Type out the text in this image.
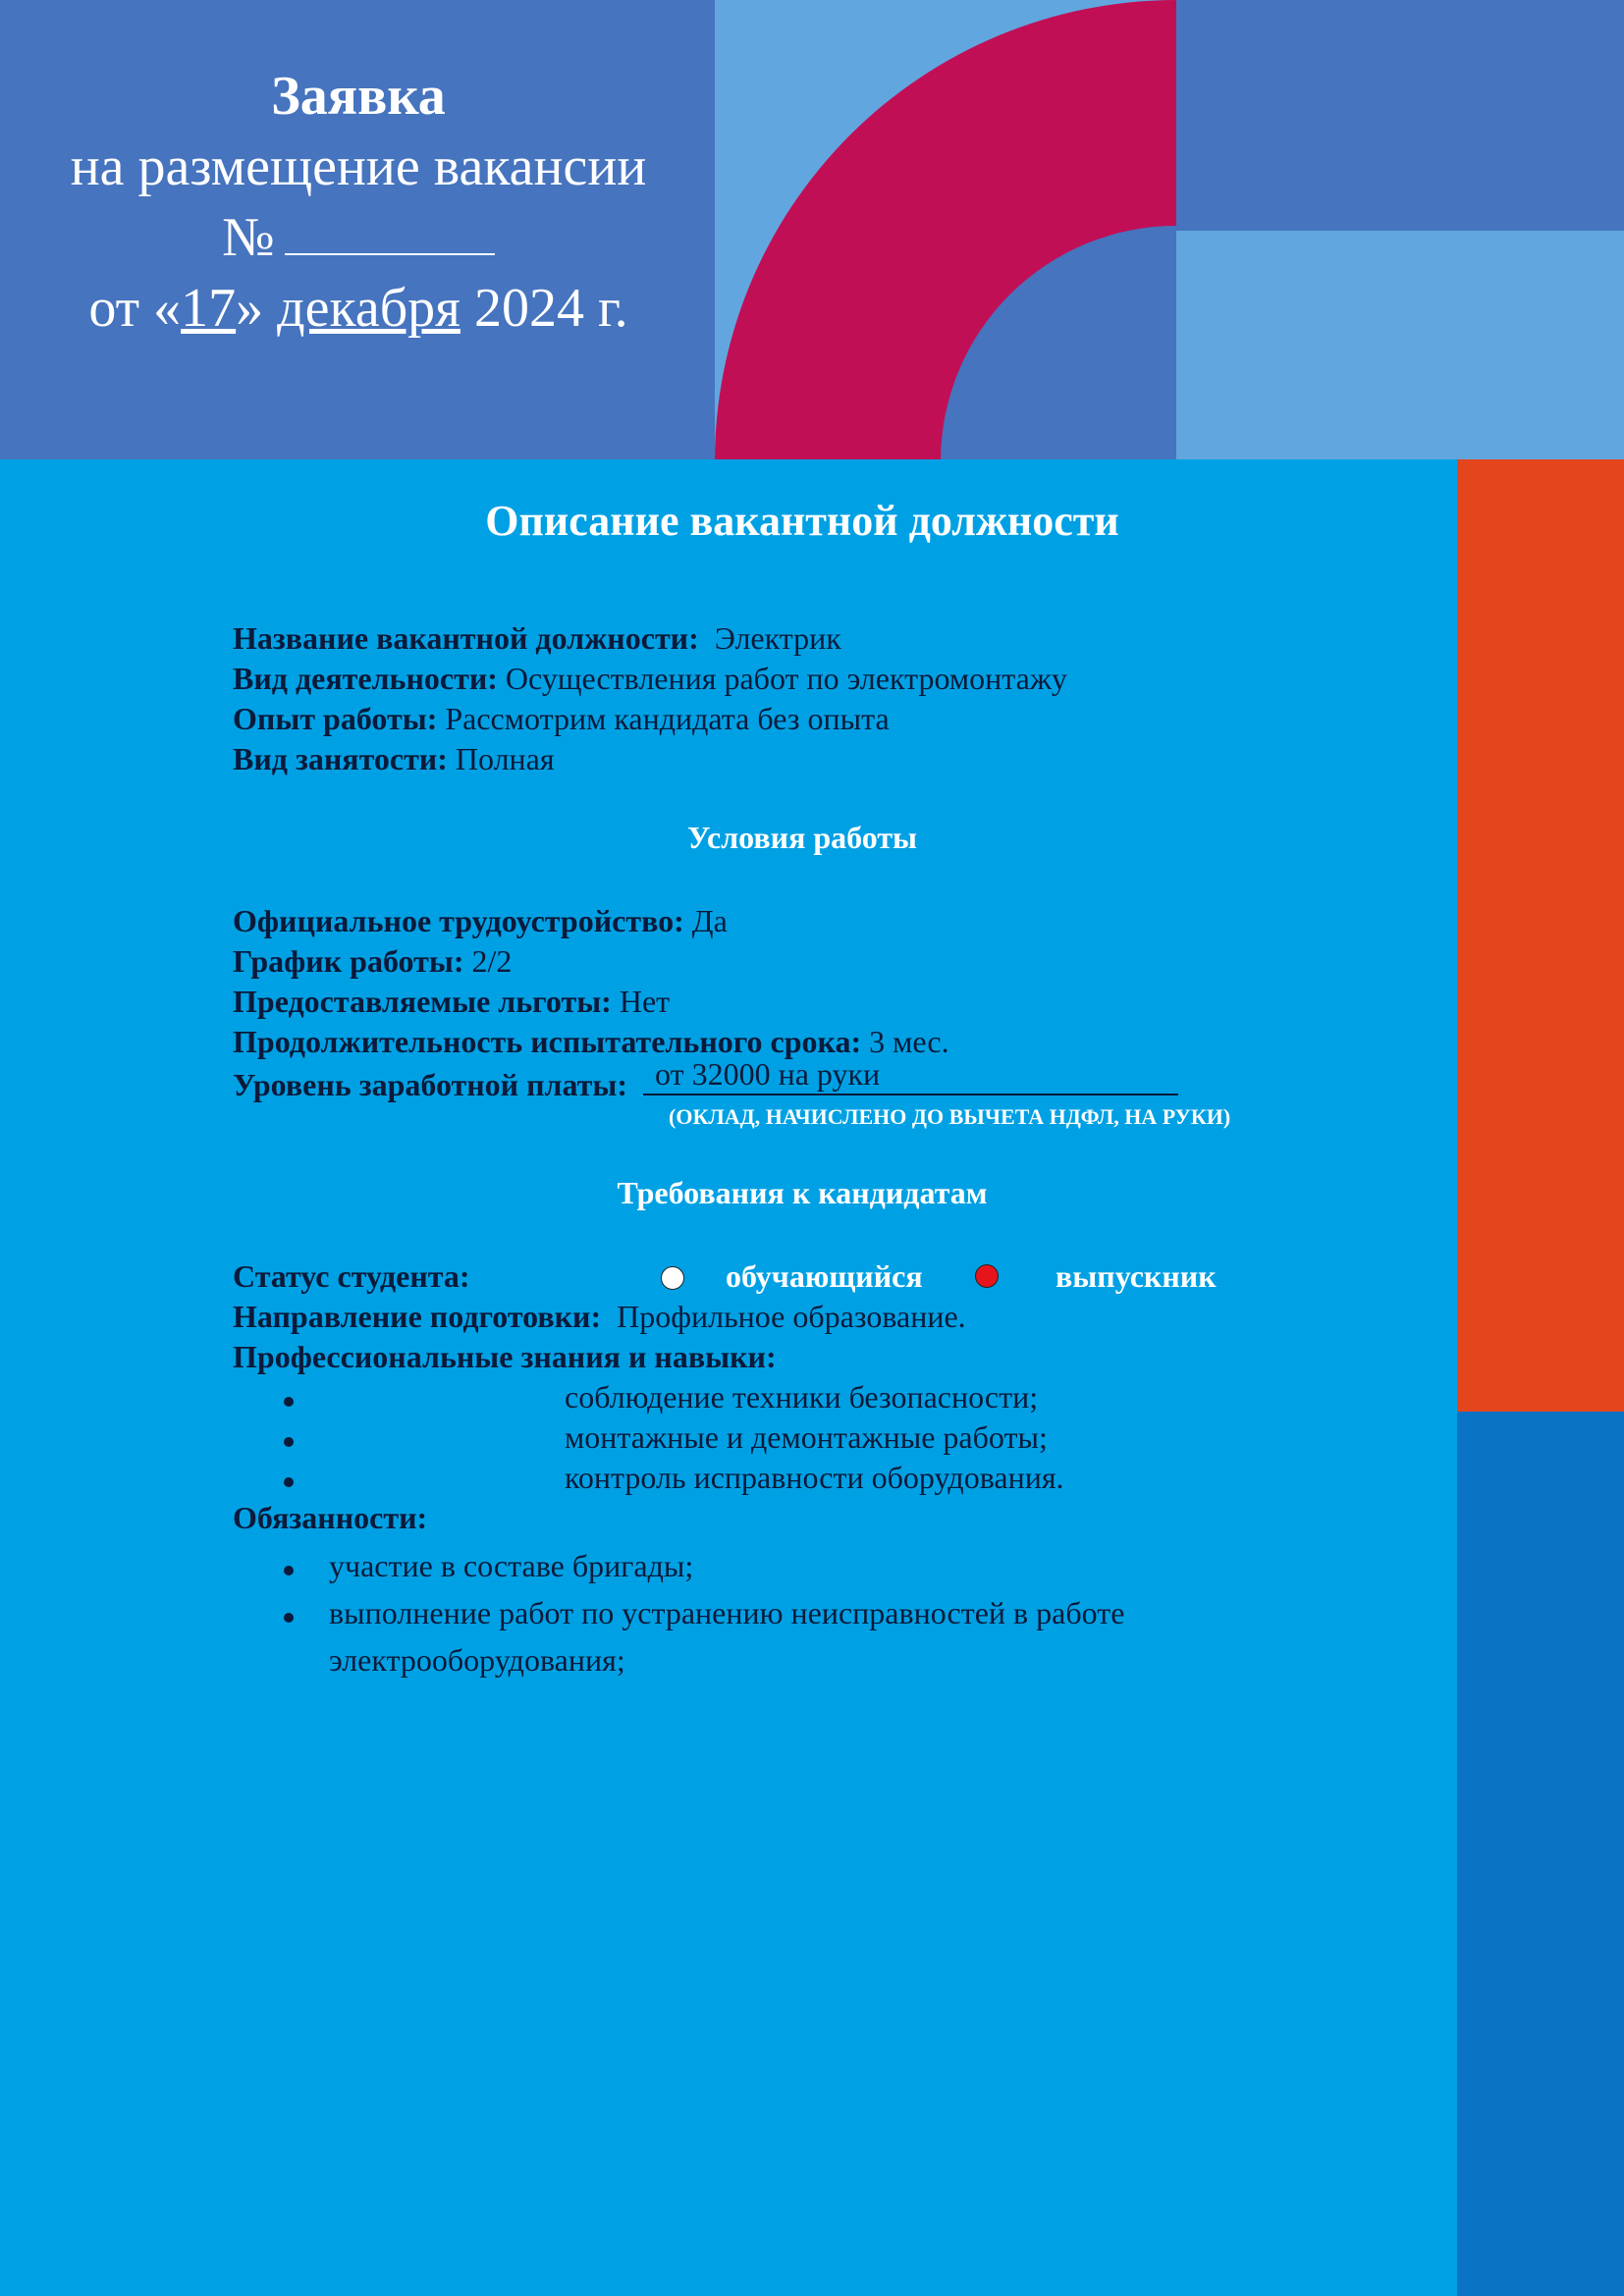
Заявка
на размещение вакансии
№
от «17» декабря 2024 г.
Описание вакантной должности
Название вакантной должности: Электрик
Вид деятельности: Осуществления работ по электромонтажу
Опыт работы: Рассмотрим кандидата без опыта
Вид занятости: Полная
Условия работы
Официальное трудоустройство: Да
График работы: 2/2
Предоставляемые льготы: Нет
Продолжительность испытательного срока: 3 мес.
Уровень заработной платы: от 32000 на руки
(ОКЛАД, НАЧИСЛЕНО ДО ВЫЧЕТА НДФЛ, НА РУКИ)
Требования к кандидатам
Статус студента:	обучающийся	выпускник
Направление подготовки: Профильное образование.
Профессиональные знания и навыки:
соблюдение техники безопасности;
монтажные и демонтажные работы;
контроль исправности оборудования.
Обязанности:
участие в составе бригады;
выполнение работ по устранению неисправностей в работе электрооборудования;
